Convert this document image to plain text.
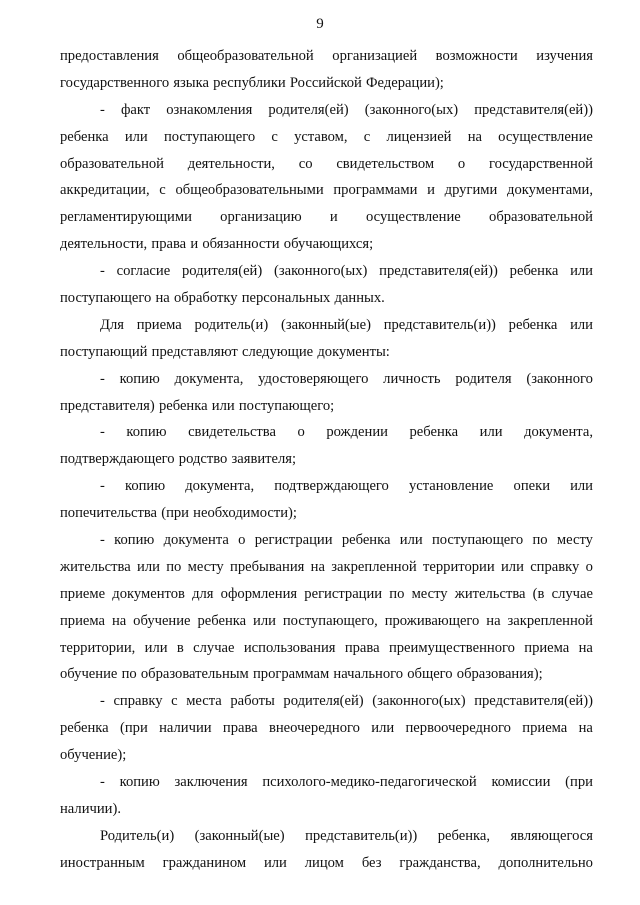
9
предоставления общеобразовательной организацией возможности изучения
государственного языка республики Российской Федерации);
- факт ознакомления родителя(ей) (законного(ых) представителя(ей))
ребенка или поступающего с уставом, с лицензией на осуществление
образовательной деятельности, со свидетельством о государственной
аккредитации, с общеобразовательными программами и другими документами,
регламентирующими организацию и осуществление образовательной
деятельности, права и обязанности обучающихся;
- согласие родителя(ей) (законного(ых) представителя(ей)) ребенка или
поступающего на обработку персональных данных.
Для приема родитель(и) (законный(ые) представитель(и)) ребенка или
поступающий представляют следующие документы:
- копию документа, удостоверяющего личность родителя (законного
представителя) ребенка или поступающего;
- копию свидетельства о рождении ребенка или документа,
подтверждающего родство заявителя;
- копию документа, подтверждающего установление опеки или
попечительства (при необходимости);
- копию документа о регистрации ребенка или поступающего по месту
жительства или по месту пребывания на закрепленной территории или справку о
приеме документов для оформления регистрации по месту жительства (в случае
приема на обучение ребенка или поступающего, проживающего на закрепленной
территории, или в случае использования права преимущественного приема на
обучение по образовательным программам начального общего образования);
- справку с места работы родителя(ей) (законного(ых) представителя(ей))
ребенка (при наличии права внеочередного или первоочередного приема на
обучение);
- копию заключения психолого-медико-педагогической комиссии (при
наличии).
Родитель(и) (законный(ые) представитель(и)) ребенка, являющегося
иностранным гражданином или лицом без гражданства, дополнительно
